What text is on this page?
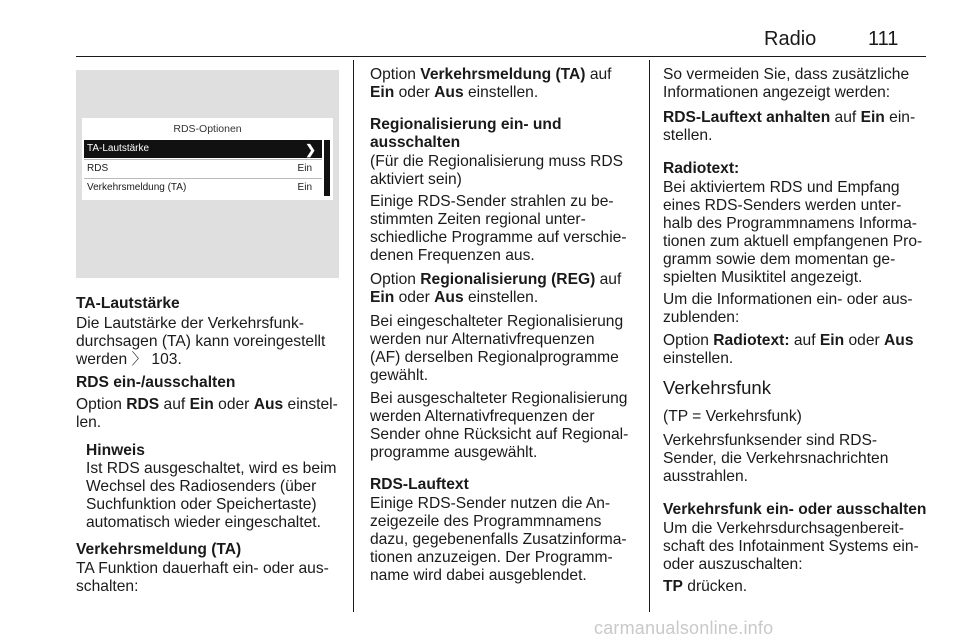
Radio	111
RDS-Optionen
TA-Lautstärke	❯
RDS	Ein
Verkehrsmeldung (TA)	Ein

TA-Lautstärke

Die Lautstärke der Verkehrsfunk-

durchsagen (TA) kann voreingestellt

werden 〉 103.

RDS ein-/ausschalten

Option RDS auf Ein oder Aus einstel-

len.

Hinweis

Ist RDS ausgeschaltet, wird es beim

Wechsel des Radiosenders (über

Suchfunktion oder Speichertaste)

automatisch wieder eingeschaltet.

Verkehrsmeldung (TA)

TA Funktion dauerhaft ein- oder aus-

schalten:

Option Verkehrsmeldung (TA) auf

Ein oder Aus einstellen.

Regionalisierung ein- und

ausschalten

(Für die Regionalisierung muss RDS

aktiviert sein)

Einige RDS-Sender strahlen zu be-

stimmten Zeiten regional unter-

schiedliche Programme auf verschie-

denen Frequenzen aus.

Option Regionalisierung (REG) auf

Ein oder Aus einstellen.

Bei eingeschalteter Regionalisierung

werden nur Alternativfrequenzen

(AF) derselben Regionalprogramme

gewählt.

Bei ausgeschalteter Regionalisierung

werden Alternativfrequenzen der

Sender ohne Rücksicht auf Regional-

programme ausgewählt.

RDS-Lauftext

Einige RDS-Sender nutzen die An-

zeigezeile des Programmnamens

dazu, gegebenenfalls Zusatzinforma-

tionen anzuzeigen. Der Programm-

name wird dabei ausgeblendet.

So vermeiden Sie, dass zusätzliche

Informationen angezeigt werden:

RDS-Lauftext anhalten auf Ein ein-

stellen.

Radiotext:

Bei aktiviertem RDS und Empfang

eines RDS-Senders werden unter-

halb des Programmnamens Informa-

tionen zum aktuell empfangenen Pro-

gramm sowie dem momentan ge-

spielten Musiktitel angezeigt.

Um die Informationen ein- oder aus-

zublenden:

Option Radiotext: auf Ein oder Aus

einstellen.

Verkehrsfunk

(TP = Verkehrsfunk)

Verkehrsfunksender sind RDS-

Sender, die Verkehrsnachrichten

ausstrahlen.

Verkehrsfunk ein- oder ausschalten

Um die Verkehrsdurchsagenbereit-

schaft des Infotainment Systems ein-

oder auszuschalten:

TP drücken.

carmanualsonline.info
